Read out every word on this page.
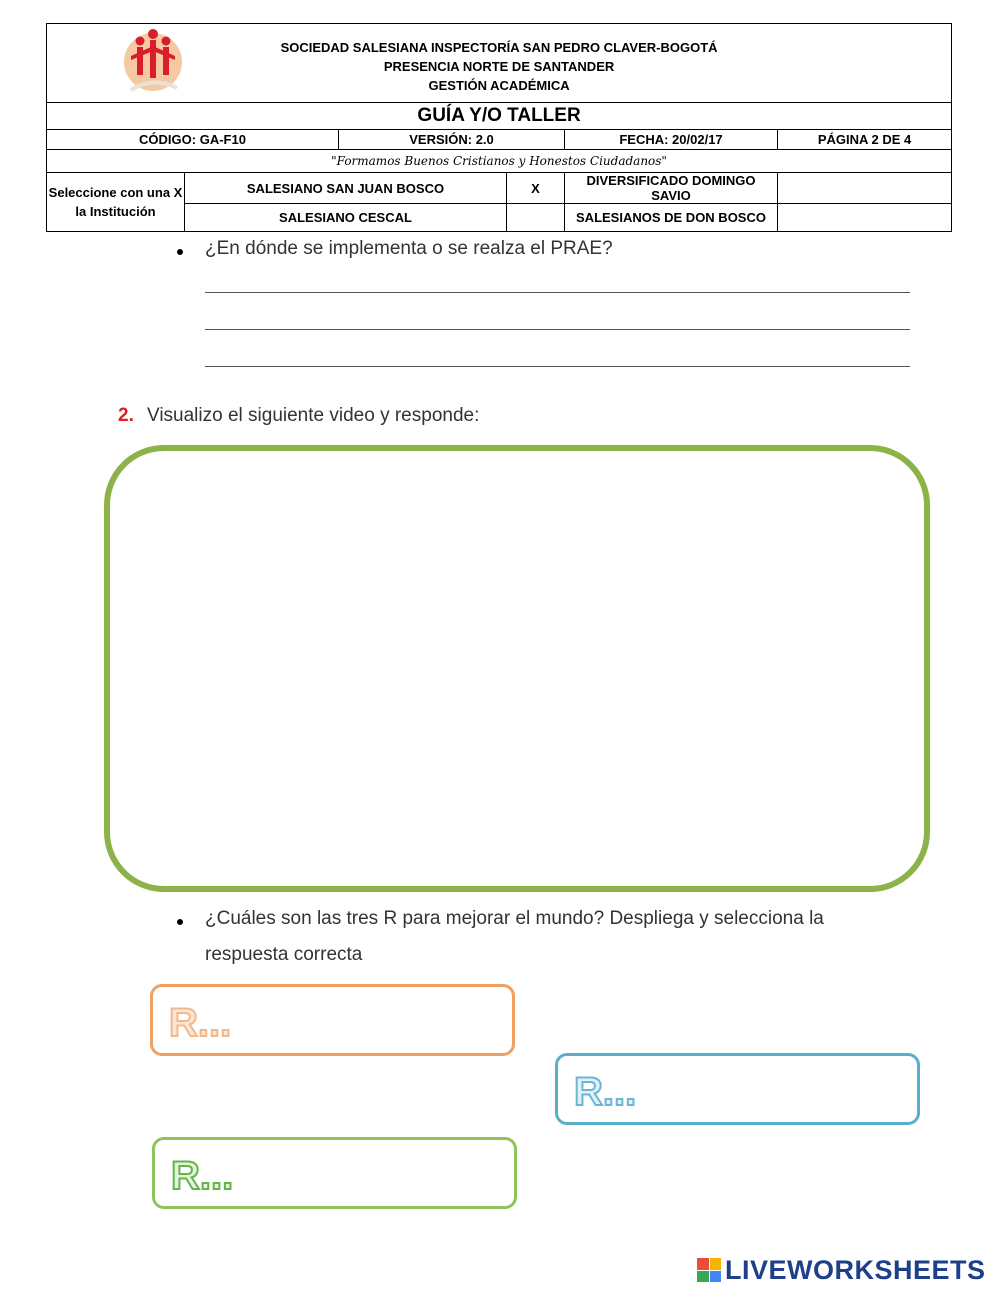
SOCIEDAD SALESIANA INSPECTORÍA SAN PEDRO CLAVER-BOGOTÁ
PRESENCIA NORTE DE SANTANDER
GESTIÓN ACADÉMICA					

GUÍA Y/O TALLER					
CÓDIGO: GA-F10		VERSIÓN: 2.0		FECHA: 20/02/17	PÁGINA 2 DE 4
"Formamos Buenos Cristianos y Honestos Ciudadanos"					
Seleccione con una X la Institución	SALESIANO SAN JUAN BOSCO		X	DIVERSIFICADO DOMINGO SAVIO	
	SALESIANO CESCAL			SALESIANOS DE DON BOSCO	
¿En dónde se implementa o se realza el PRAE?
2. Visualizo el siguiente video y responde:
¿Cuáles son las tres R para mejorar el mundo? Despliega y selecciona la
respuesta correcta
R...
R...
R...
LIVEWORKSHEETS
